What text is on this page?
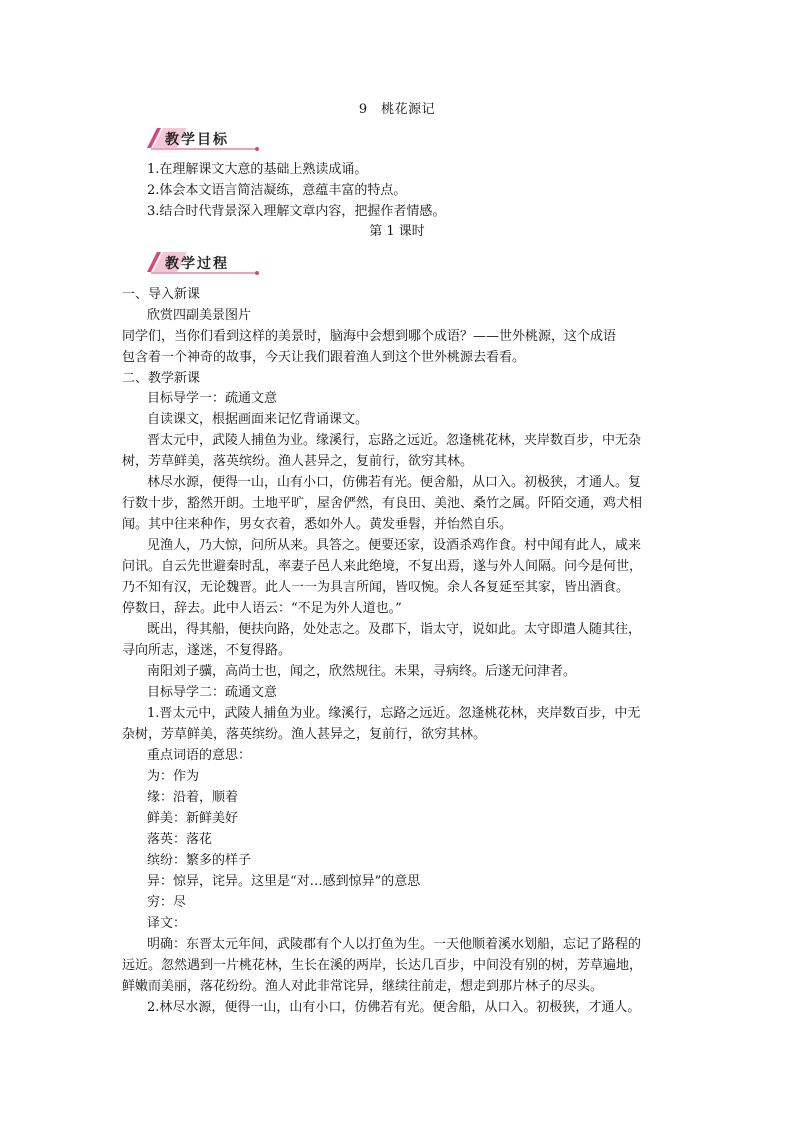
9　桃花源记
教学目标
1.在理解课文大意的基础上熟读成诵。
2.体会本文语言简洁凝练，意蕴丰富的特点。
3.结合时代背景深入理解文章内容，把握作者情感。
第 1 课时
教学过程
一、导入新课
欣赏四副美景图片
同学们，当你们看到这样的美景时，脑海中会想到哪个成语？——世外桃源，这个成语
包含着一个神奇的故事，今天让我们跟着渔人到这个世外桃源去看看。
二、教学新课
目标导学一：疏通文意
自读课文，根据画面来记忆背诵课文。
晋太元中，武陵人捕鱼为业。缘溪行，忘路之远近。忽逢桃花林，夹岸数百步，中无杂
树，芳草鲜美，落英缤纷。渔人甚异之，复前行，欲穷其林。
林尽水源，便得一山，山有小口，仿佛若有光。便舍船，从口入。初极狭，才通人。复
行数十步，豁然开朗。土地平旷，屋舍俨然，有良田、美池、桑竹之属。阡陌交通，鸡犬相
闻。其中往来种作，男女衣着，悉如外人。黄发垂髫，并怡然自乐。
见渔人，乃大惊，问所从来。具答之。便要还家，设酒杀鸡作食。村中闻有此人，咸来
问讯。自云先世避秦时乱，率妻子邑人来此绝境，不复出焉，遂与外人间隔。问今是何世，
乃不知有汉，无论魏晋。此人一一为具言所闻，皆叹惋。余人各复延至其家，皆出酒食。
停数日，辞去。此中人语云：“不足为外人道也。”
既出，得其船，便扶向路，处处志之。及郡下，诣太守，说如此。太守即遣人随其往，
寻向所志，遂迷，不复得路。
南阳刘子骥，高尚士也，闻之，欣然规往。未果，寻病终。后遂无问津者。
目标导学二：疏通文意
1.晋太元中，武陵人捕鱼为业。缘溪行，忘路之远近。忽逢桃花林，夹岸数百步，中无
杂树，芳草鲜美，落英缤纷。渔人甚异之，复前行，欲穷其林。
重点词语的意思：
为：作为
缘：沿着，顺着
鲜美：新鲜美好
落英：落花
缤纷：繁多的样子
异：惊异，诧异。这里是“对…感到惊异”的意思
穷：尽
译文：
明确：东晋太元年间，武陵郡有个人以打鱼为生。一天他顺着溪水划船，忘记了路程的
远近。忽然遇到一片桃花林，生长在溪的两岸，长达几百步，中间没有别的树，芳草遍地，
鲜嫩而美丽，落花纷纷。渔人对此非常诧异，继续往前走，想走到那片林子的尽头。
2.林尽水源，便得一山，山有小口，仿佛若有光。便舍船，从口入。初极狭，才通人。
